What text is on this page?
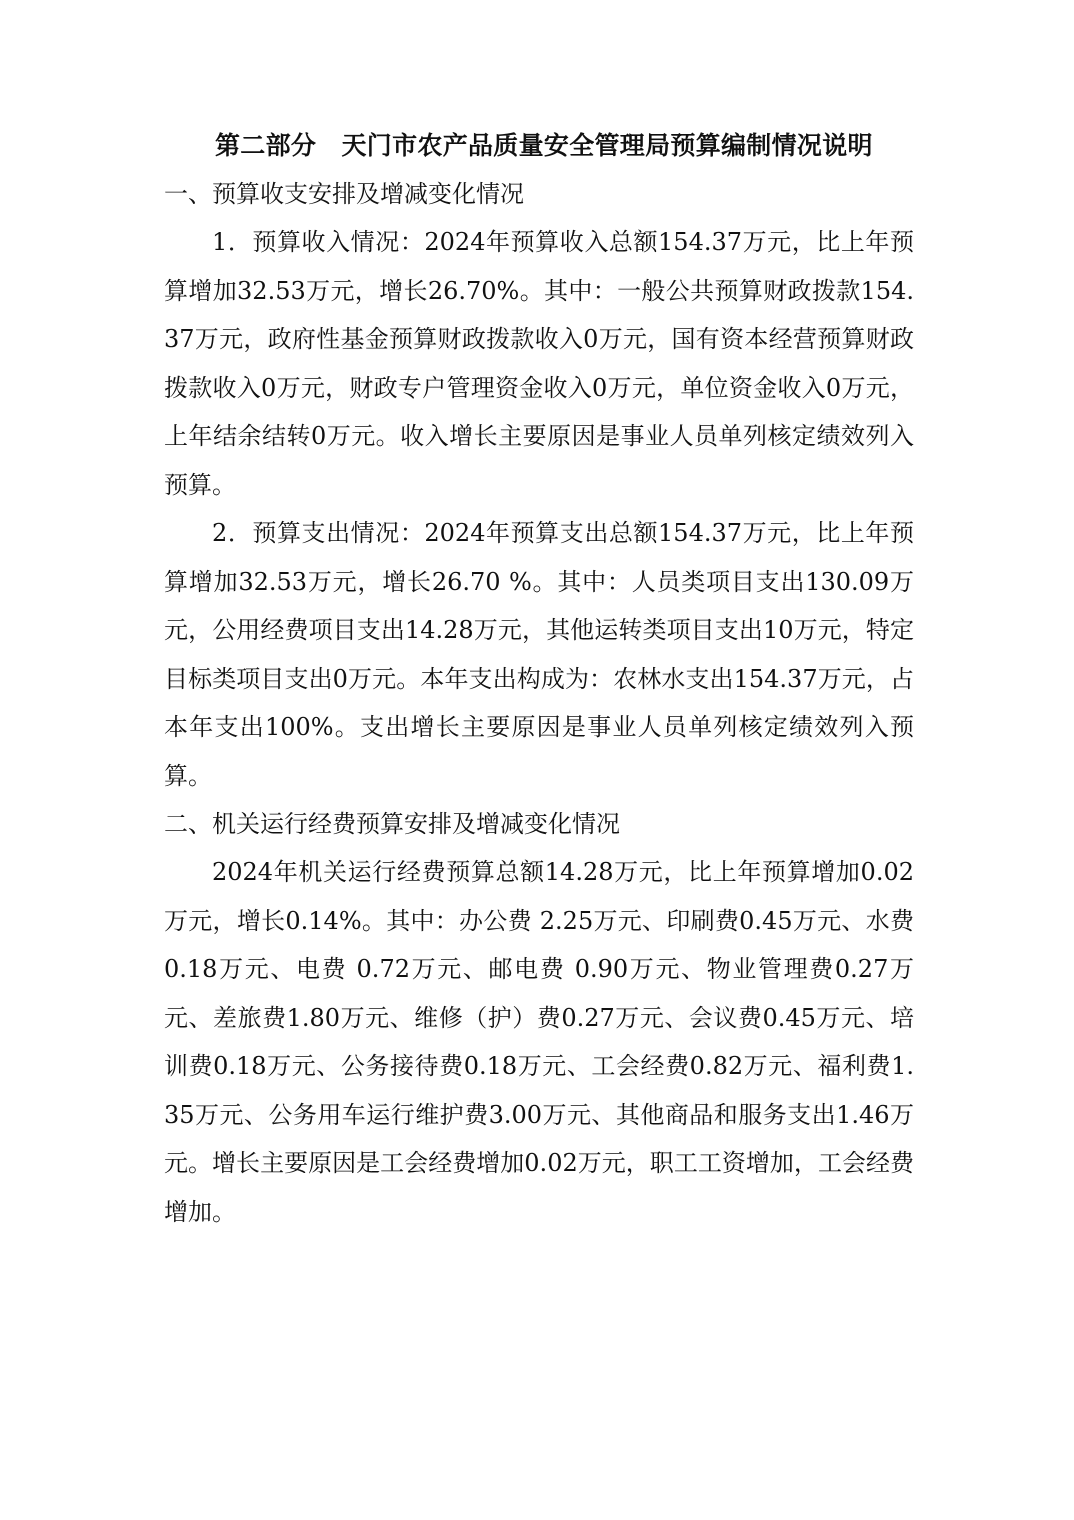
第二部分　天门市农产品质量安全管理局预算编制情况说明
一、预算收支安排及增减变化情况

1．预算收入情况：2024年预算收入总额154.37万元，比上年预算增加32.53万元，增长26.70%。其中：一般公共预算财政拨款154.37万元，政府性基金预算财政拨款收入0万元，国有资本经营预算财政拨款收入0万元，财政专户管理资金收入0万元，单位资金收入0万元，上年结余结转0万元。收入增长主要原因是事业人员单列核定绩效列入预算。

2．预算支出情况：2024年预算支出总额154.37万元，比上年预算增加32.53万元，增长26.70 %。其中：人员类项目支出130.09万元，公用经费项目支出14.28万元，其他运转类项目支出10万元，特定目标类项目支出0万元。本年支出构成为：农林水支出154.37万元，占本年支出100%。支出增长主要原因是事业人员单列核定绩效列入预算。

二、机关运行经费预算安排及增减变化情况

2024年机关运行经费预算总额14.28万元，比上年预算增加0.02万元，增长0.14%。其中：办公费 2.25万元、印刷费0.45万元、水费 0.18万元、电费 0.72万元、邮电费 0.90万元、物业管理费0.27万元、差旅费1.80万元、维修（护）费0.27万元、会议费0.45万元、培训费0.18万元、公务接待费0.18万元、工会经费0.82万元、福利费1.35万元、公务用车运行维护费3.00万元、其他商品和服务支出1.46万元。增长主要原因是工会经费增加0.02万元，职工工资增加，工会经费增加。
